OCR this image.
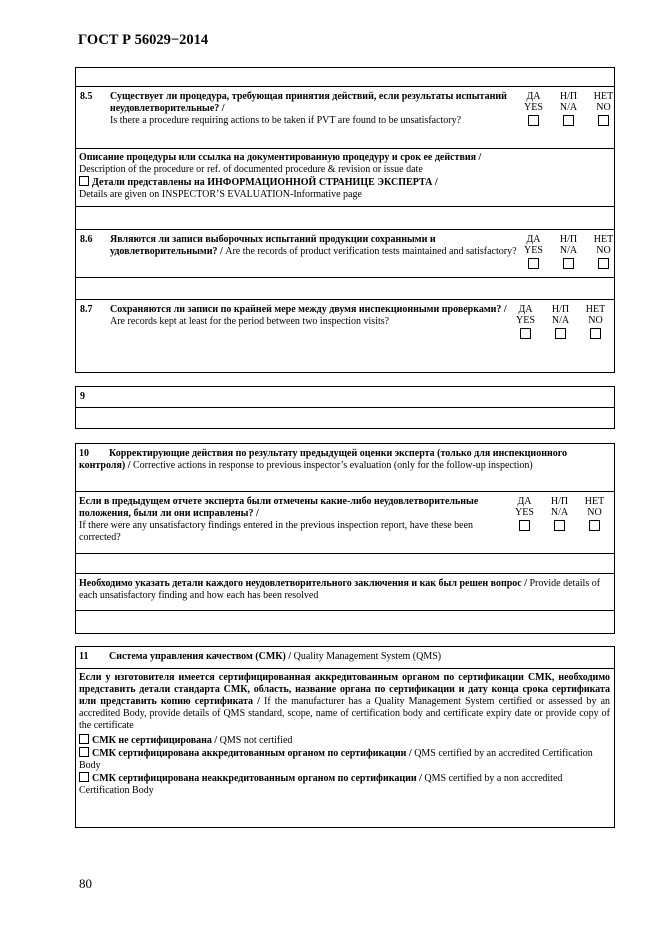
ГОСТ Р 56029−2014
8.5	Существует ли процедура, требующая принятия действий, если результаты испытаний неудовлетворительные? /
Is there a procedure requiring actions to be taken if PVT are found to be unsatisfactory?
ДА
YES
Н/П
N/A
НЕТ
NO
Описание процедуры или ссылка на документированную процедуру и срок ее действия /
Description of the procedure or ref. of documented procedure & revision or issue date
Детали представлены на ИНФОРМАЦИОННОЙ СТРАНИЦЕ ЭКСПЕРТА /
Details are given on INSPECTOR’S EVALUATION-Informative page
8.6	Являются ли записи выборочных испытаний продукции сохранными и удовлетворительными? / Are the records of product verification tests maintained and satisfactory?
ДА
YES
Н/П
N/A
НЕТ
NO
8.7	Сохраняются ли записи по крайней мере между двумя инспекционными проверками? /
Are records kept at least for the period between two inspection visits?
ДА
YES
Н/П
N/A
НЕТ
NO
9
10 Корректирующие действия по результату предыдущей оценки эксперта (только для инспекционного контроля) / Corrective actions in response to previous inspector’s evaluation (only for the follow-up inspection)
Если в предыдущем отчете эксперта были отмечены какие-либо неудовлетворительные положения, были ли они исправлены? /
If there were any unsatisfactory findings entered in the previous inspection report, have these been corrected?
ДА
YES
Н/П
N/A
НЕТ
NO
Необходимо указать детали каждого неудовлетворительного заключения и как был решен вопрос / Provide details of each unsatisfactory finding and how each has been resolved
11 Система управления качеством (СМК) / Quality Management System (QMS)
Если у изготовителя имеется сертифицированная аккредитованным органом по сертификации СМК, необходимо представить детали стандарта СМК, область, название органа по сертификации и дату конца срока сертификата или представить копию сертификата / If the manufacturer has a Quality Management System certified or assessed by an accredited Body, provide details of QMS standard, scope, name of certification body and certificate expiry date or provide copy of the certificate
СМК не сертифицирована / QMS not certified
СМК сертифицирована аккредитованным органом по сертификации / QMS certified by an accredited Certification Body
СМК сертифицирована неаккредитованным органом по сертификации / QMS certified by a non accredited Certification Body
80
